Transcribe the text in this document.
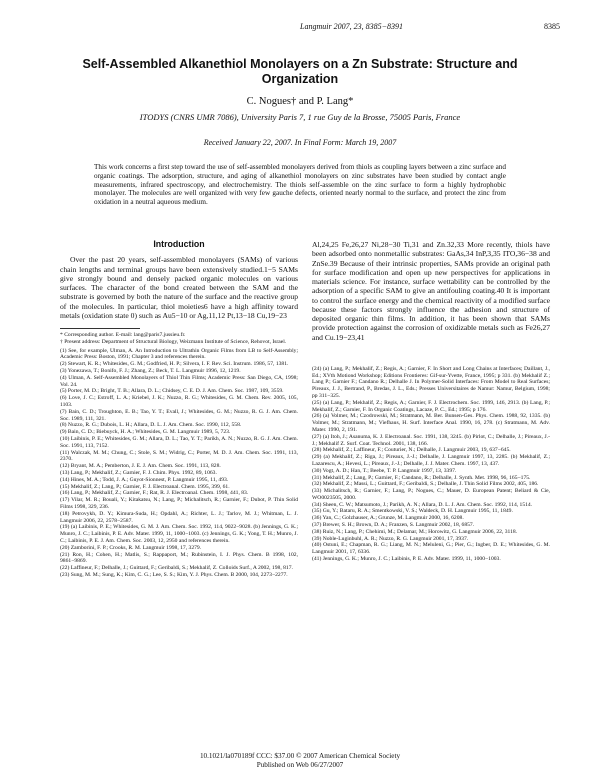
Langmuir 2007, 23, 8385−8391	8385
Self-Assembled Alkanethiol Monolayers on a Zn Substrate: Structure and Organization
C. Nogues† and P. Lang*
ITODYS (CNRS UMR 7086), University Paris 7, 1 rue Guy de la Brosse, 75005 Paris, France
Received January 22, 2007. In Final Form: March 19, 2007
This work concerns a first step toward the use of self-assembled monolayers derived from thiols as coupling layers between a zinc surface and organic coatings. The adsorption, structure, and aging of alkanethiol monolayers on zinc substrates have been studied by contact angle measurements, infrared spectroscopy, and electrochemistry. The thiols self-assemble on the zinc surface to form a highly hydrophobic monolayer. The molecules are well organized with very few gauche defects, oriented nearly normal to the surface, and protect the zinc from oxidation in a neutral aqueous medium.
Introduction

Over the past 20 years, self-assembled monolayers (SAMs) of various chain lengths and terminal groups have been extensively studied.1−5 SAMs give strongly bound and densely packed organic molecules on various surfaces. The character of the bond created between the SAM and the substrate is governed by both the nature of the surface and the reactive group of the molecules. In particular, thiol moieties6 have a high affinity toward metals (oxidation state 0) such as Au5−10 or Ag,11,12 Pt,13−18 Cu,19−23

* Corresponding author. E-mail: lang@paris7.jussieu.fr.
† Present address: Department of Structural Biology, Weizmann Institute of Science, Rehovot, Israel.
(1) See, for example, Ulman, A. An Introduction to Ultrathin Organic Films from LB to Self-Assembly; Academic Press: Boston, 1991; Chapter 3 and references therein.
(2) Stewart, K. R.; Whitesides, G. M.; Godfried, H. P.; Silvera, I. F. Rev. Sci. Instrum. 1986, 57, 1381.
(3) Yonezawa, T.; Bonifo, F. J.; Zhang, Z.; Beck, T. L. Langmuir 1996, 12, 1219.
(4) Ulman, A. Self-Assembled Monolayers of Thiol Thin Films; Academic Press: San Diego, CA, 1998; Vol. 24.
(5) Porter, M. D.; Bright, T. B.; Allara, D. L.; Chidsey, C. E. D. J. Am. Chem. Soc. 1987, 109, 3559.
(6) Love, J. C.; Estroff, L. A.; Kriebel, J. K.; Nuzzo, R. G.; Whitesides, G. M. Chem. Rev. 2005, 105, 1103.
(7) Bain, C. D.; Troughton, E. B.; Tao, Y. T.; Evall, J.; Whitesides, G. M.; Nuzzo, R. G. J. Am. Chem. Soc. 1989, 111, 321.
(8) Nuzzo, R. G.; Dubois, L. H.; Allara, D. L. J. Am. Chem. Soc. 1990, 112, 558.
(9) Bain, C. D.; Biebuyck, H. A.; Whitesides, G. M. Langmuir 1989, 5, 723.
(10) Laibinis, P. E.; Whitesides, G. M.; Allara, D. L.; Tao, Y. T.; Parikh, A. N.; Nuzzo, R. G. J. Am. Chem. Soc. 1991, 113, 7152.
(11) Walczak, M. M.; Chung, C.; Stole, S. M.; Widrig, C.; Porter, M. D. J. Am. Chem. Soc. 1991, 113, 2370.
(12) Bryant, M. A.; Pemberton, J. E. J. Am. Chem. Soc. 1991, 113, 828.
(13) Lang, P.; Mekhalif, Z.; Garnier, F. J. Chim. Phys. 1992, 89, 1063.
(14) Hines, M. A.; Todd, J. A.; Guyot-Sionnest, P. Langmuir 1995, 11, 493.
(15) Mekhalif, Z.; Lang, P.; Garnier, F. J. Electroanal. Chem. 1995, 399, 61.
(16) Lang, P.; Mekhalif, Z.; Garnier, F.; Rat, R. J. Electroanal. Chem. 1998, 441, 83.
(17) Vilar, M. R.; Bouali, Y.; Kitakatsu, N.; Lang, P.; Michalitsch, R.; Garnier, F.; Dubot, P. Thin Solid Films 1998, 329, 236.
(18) Petrovykh, D. Y.; Kimura-Suda, H.; Opdahl, A.; Richter, L. J.; Tarlov, M. J.; Whitman, L. J. Langmuir 2006, 22, 2578−2587.
(19) (a) Laibinis, P. E.; Whitesides, G. M. J. Am. Chem. Soc. 1992, 114, 9022−9028. (b) Jennings, G. K.; Munro, J. C.; Laibinis, P. E. Adv. Mater. 1999, 11, 1000−1003. (c) Jennings, G. K.; Yong, T. H.; Munro, J. C.; Laibinis, P. E. J. Am. Chem. Soc. 2003, 12, 2950 and references therein.
(20) Zamborini, F. P.; Crooks, R. M. Langmuir 1998, 17, 3279.
(21) Ron, H.; Cohen, H.; Matlis, S.; Rappaport, M.; Rubinstein, I. J. Phys. Chem. B 1998, 102, 9861−9869.
(22) Laffineur, F.; Delhalle, J.; Guittard, F.; Geribaldi, S.; Mekhalif, Z. Colloids Surf., A 2002, 198, 817.
(23) Sung, M. M.; Sung, K.; Kim, C. G.; Lee, S. S.; Kim, Y. J. Phys. Chem. B 2000, 104, 2273−2277.

Al,24,25 Fe,26,27 Ni,28−30 Ti,31 and Zn.32,33 More recently, thiols have been adsorbed onto nonmetallic substrates: GaAs,34 InP,3,35 ITO,36−38 and ZnSe.39 Because of their intrinsic properties, SAMs provide an original path for surface modification and open up new perspectives for applications in materials science. For instance, surface wettability can be controlled by the adsorption of a specific SAM to give an antifouling coating.40 It is important to control the surface energy and the chemical reactivity of a modified surface because these factors strongly influence the adhesion and structure of deposited organic thin films. In addition, it has been shown that SAMs provide protection against the corrosion of oxidizable metals such as Fe26,27 and Cu.19−23,41

(24) (a) Lang, P.; Mekhalif, Z.; Regis, A.; Garnier, F. In Short and Long Chains at Interfaces; Daillant, J., Ed.; XVth Motiond Workshop; Editions Frontieres: Gif-sur-Yvette, France, 1995; p 331. (b) Mekhalif Z.; Lang P.; Garnier F.; Candano R.; Delhalle J. In Polymer-Solid Interfaces: From Model to Real Surfaces; Pireaux, J. J., Bertrand, P., Bredas, J. L., Eds.; Presses Universitaires de Namur: Namur, Belgium, 1998; pp 311−325.
(25) (a) Lang, P.; Mekhalif, Z.; Regis, A.; Garnier, F. J. Electrochem. Soc. 1999, 146, 2913. (b) Lang, P.; Mekhalif, Z.; Garnier, F. In Organic Coatings, Lacaze, P. C., Ed.; 1995; p 176.
(26) (a) Volmer, M.; Czodrowski, M.; Stratmann, M. Ber. Bunsen-Ges. Phys. Chem. 1988, 92, 1335. (b) Volmer, M.; Stratmann, M.; Viefhaus, H. Surf. Interface Anal. 1990, 16, 278. (c) Stratmann, M. Adv. Mater. 1990, 2, 191.
(27) (a) Itoh, J.; Asanuma, K. J. Electroanal. Soc. 1991, 138, 3245. (b) Pirlot, C.; Delhalle, J.; Pireaux, J.-J.; Mekhalif Z. Surf. Coat. Technol. 2001, 138, 166.
(28) Mekhalif, Z.; Laffineur, F.; Couturier, N.; Delhalle, J. Langmuir 2003, 19, 637−645.
(29) (a) Mekhalif, Z.; Riga, J.; Pireaux, J.-J.; Delhalle, J. Langmuir 1997, 13, 2285. (b) Mekhalif, Z.; Lazarescu, A.; Hevesi, L.; Pireaux, J.-J.; Delhalle, J. J. Mater. Chem. 1997, 13, 437.
(30) Vogt, A. D.; Han, T.; Beebe, T. P. Langmuir 1997, 13, 3397.
(31) Mekhalif, Z.; Lang, P.; Garnier, F.; Candano, R.; Delhalle, J. Synth. Met. 1998, 96, 165−175.
(32) Mekhalif, Z.; Massi, L.; Guittard, F.; Geribaldi, S.; Delhalle, J. Thin Solid Films 2002, 405, 186.
(33) Michalitsch, R.; Garnier, F.; Lang, P.; Nogues, C.; Mauer, D. European Patent; Beliard & Cie, WO0023505, 2000.
(34) Sheen, C. W.; Matsumoto, J.; Parikh, A. N.; Allara, D. L. J. Am. Chem. Soc. 1992, 114, 1514.
(35) Gu, Y.; Bataru, R. A.; Smentkowski, V. S.; Waldeck, D. H. Langmuir 1995, 11, 1849.
(36) Yan, C.; Golzhauser, A.; Grunze, M. Langmuir 2000, 16, 6208.
(37) Brewer, S. H.; Brown, D. A.; Franzen, S. Langmuir 2002, 18, 6857.
(38) Ruiz, N.; Lang, P.; Chehimi, M.; Delamar, M.; Horowitz, G. Langmuir 2006, 22, 3118.
(39) Noble-Luginbuhl, A. R.; Nuzzo, R. G. Langmuir 2001, 17, 3937.
(40) Ostuni, E.; Chapman, R. G.; Liang, M. N.; Meluleni, G.; Pier, G.; Ingber, D. E.; Whitesides, G. M. Langmuir 2001, 17, 6336.
(41) Jennings, G. K.; Munro, J. C.; Laibinis, P. E. Adv. Mater. 1999, 11, 1000−1003.
10.1021/la070189f CCC: $37.00 © 2007 American Chemical Society
Published on Web 06/27/2007
